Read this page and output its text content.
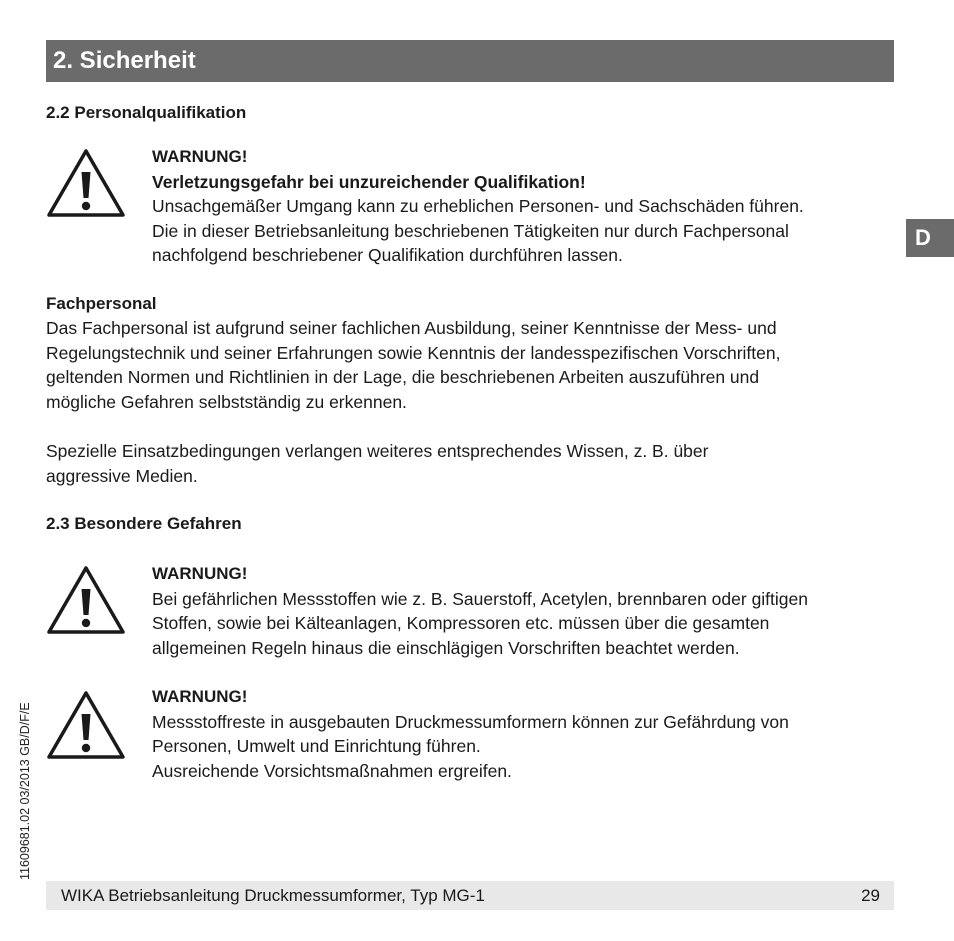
2. Sicherheit
D
11609681.02 03/2013 GB/D/F/E
2.2 Personalqualifikation
WARNUNG!
Verletzungsgefahr bei unzureichender Qualifikation!
Unsachgemäßer Umgang kann zu erheblichen Personen- und Sachschäden führen.
Die in dieser Betriebsanleitung beschriebenen Tätigkeiten nur durch Fachpersonal
nachfolgend beschriebener Qualifikation durchführen lassen.
Fachpersonal
Das Fachpersonal ist aufgrund seiner fachlichen Ausbildung, seiner Kenntnisse der Mess- und
Regelungstechnik und seiner Erfahrungen sowie Kenntnis der landesspezifischen Vorschriften,
geltenden Normen und Richtlinien in der Lage, die beschriebenen Arbeiten auszuführen und
mögliche Gefahren selbstständig zu erkennen.
Spezielle Einsatzbedingungen verlangen weiteres entsprechendes Wissen, z. B. über
aggressive Medien.
2.3 Besondere Gefahren
WARNUNG!
Bei gefährlichen Messstoffen wie z. B. Sauerstoff, Acetylen, brennbaren oder giftigen
Stoffen, sowie bei Kälteanlagen, Kompressoren etc. müssen über die gesamten
allgemeinen Regeln hinaus die einschlägigen Vorschriften beachtet werden.
WARNUNG!
Messstoffreste in ausgebauten Druckmessumformern können zur Gefährdung von
Personen, Umwelt und Einrichtung führen.
Ausreichende Vorsichtsmaßnahmen ergreifen.
WIKA Betriebsanleitung Druckmessumformer, Typ MG-1	29
